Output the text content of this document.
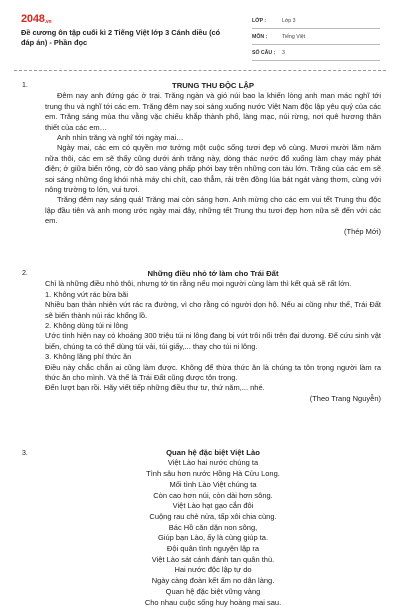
2048.vn
Đề cương ôn tập cuối kì 2 Tiếng Việt lớp 3 Cánh diều (có đáp án) - Phần đọc
LỚP :	Lớp 3
MÔN :	Tiếng Việt
SỐ CÂU :	3
1.	TRUNG THU ĐỘC LẬP

Đêm nay anh đứng gác ở trại. Trăng ngàn và gió núi bao la khiến lòng anh man mác nghĩ tới trung thu và nghĩ tới các em. Trăng đêm nay soi sáng xuống nước Việt Nam độc lập yêu quý của các em. Trăng sáng mùa thu vằng vặc chiếu khắp thành phố, làng mạc, núi rừng, nơi quê hương thân thiết của các em…

Anh nhìn trăng và nghĩ tới ngày mai…

Ngày mai, các em có quyền mơ tưởng một cuộc sống tươi đẹp vô cùng. Mươi mười lăm năm nữa thôi, các em sẽ thấy cũng dưới ánh trăng này, dòng thác nước đổ xuống làm chạy máy phát điện; ở giữa biển rộng, cờ đỏ sao vàng phấp phới bay trên những con tàu lớn. Trăng của các em sẽ soi sáng những ống khói nhà máy chi chít, cao thẳm, rải trên đồng lúa bát ngát vàng thơm, cùng với nông trường to lớn, vui tươi.

Trăng đêm nay sáng quá! Trăng mai còn sáng hơn. Anh mừng cho các em vui tết Trung thu độc lập đầu tiên và anh mong ước ngày mai đây, những tết Trung thu tươi đẹp hơn nữa sẽ đến với các em.

(Thép Mới)

2.	Những điều nhỏ tớ làm cho Trái Đất

Chỉ là những điều nhỏ thôi, nhưng tớ tin rằng nếu mọi người cùng làm thì kết quả sẽ rất lớn.

1. Không vứt rác bừa bãi

Nhiều bạn thản nhiên vứt rác ra đường, vì cho rằng có người dọn hộ. Nếu ai cũng như thế, Trái Đất sẽ biến thành núi rác khổng lồ.

2. Không dùng túi ni lông

Ước tính hiện nay có khoảng 300 triệu túi ni lông đang bị vứt trôi nổi trên đại dương. Để cứu sinh vật biển, chúng ta có thể dùng túi vải, túi giấy,... thay cho túi ni lông.

3. Không lãng phí thức ăn

Điều này chắc chắn ai cũng làm được. Không để thừa thức ăn là chúng ta tôn trọng người làm ra thức ăn cho mình. Và thế là Trái Đất cũng được tôn trọng.

Đến lượt bạn rồi. Hãy viết tiếp những điều thư tư, thứ năm,... nhé.

(Theo Trang Nguyễn)

3.	Quan hệ đặc biệt Việt Lào

Việt Lào hai nước chúng ta

Tình sâu hơn nước Hồng Hà Cửu Long.

Mối tình Lào Việt chúng ta

Còn cao hơn núi, còn dài hơn sông.

Việt Lào hạt gạo cắn đôi

Cuộng rau chẻ nửa, tấp xôi chia cùng.

Bác Hồ căn dặn non sông,

Giúp bạn Lào, ấy là cùng giúp ta.

Đội quân tình nguyện lập ra

Việt Lào sát cánh đánh tan quân thù.

Hai nước độc lập tự do

Ngày càng đoàn kết ấm no dân làng.

Quan hệ đặc biệt vững vàng

Cho nhau cuộc sống huy hoàng mai sau.
